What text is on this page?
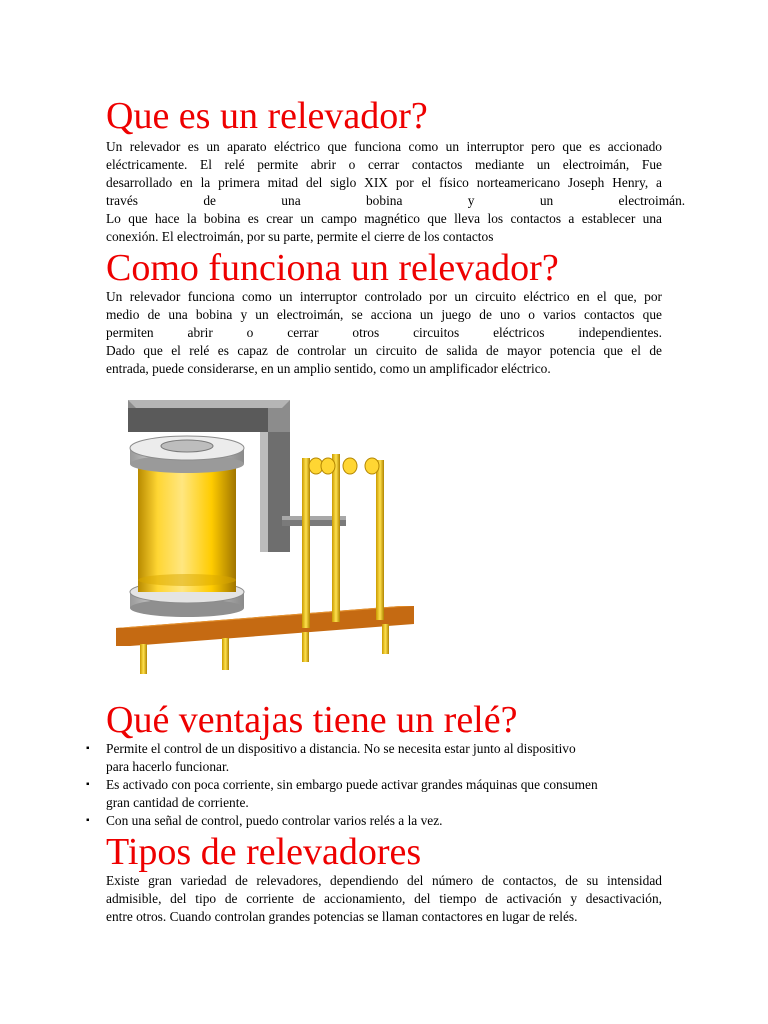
Que es un relevador?
Un relevador es un aparato eléctrico que funciona como un interruptor pero que es accionado
eléctricamente. El relé permite abrir o cerrar contactos mediante un electroimán, Fue
desarrollado en la primera mitad del siglo XIX por el físico norteamericano Joseph Henry, a
través de una bobina y un electroimán.
Lo que hace la bobina es crear un campo magnético que lleva los contactos a establecer una
conexión. El electroimán, por su parte, permite el cierre de los contactos
Como funciona un relevador?
Un relevador funciona como un interruptor controlado por un circuito eléctrico en el que, por
medio de una bobina y un electroimán, se acciona un juego de uno o varios contactos que
permiten abrir o cerrar otros circuitos eléctricos independientes.
Dado que el relé es capaz de controlar un circuito de salida de mayor potencia que el de
entrada, puede considerarse, en un amplio sentido, como un amplificador eléctrico.
Qué ventajas tiene un relé?
▪ Permite el control de un dispositivo a distancia. No se necesita estar junto al dispositivo
para hacerlo funcionar.
▪ Es activado con poca corriente, sin embargo puede activar grandes máquinas que consumen
gran cantidad de corriente.
▪ Con una señal de control, puedo controlar varios relés a la vez.
Tipos de relevadores
Existe gran variedad de relevadores, dependiendo del número de contactos, de su intensidad
admisible, del tipo de corriente de accionamiento, del tiempo de activación y desactivación,
entre otros. Cuando controlan grandes potencias se llaman contactores en lugar de relés.
